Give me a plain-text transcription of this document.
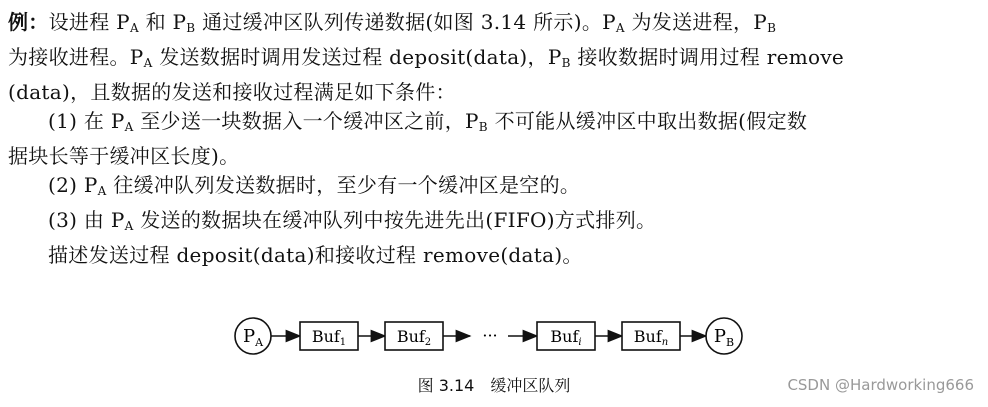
例：设进程 $P_A$ 和 $P_B$ 通过缓冲区队列传递数据(如图 3.14 所示)。$P_A$ 为发送进程，$P_B$
为接收进程。$P_A$ 发送数据时调用发送过程 deposit(data)，$P_B$ 接收数据时调用过程 remove
(data)，且数据的发送和接收过程满足如下条件：
(1) 在 $P_A$ 至少送一块数据入一个缓冲区之前，$P_B$ 不可能从缓冲区中取出数据(假定数
据块长等于缓冲区长度)。
(2) $P_A$ 往缓冲队列发送数据时，至少有一个缓冲区是空的。
(3) 由 $P_A$ 发送的数据块在缓冲队列中按先进先出(FIFO)方式排列。
描述发送过程 deposit(data)和接收过程 remove(data)。
$P_A$	Buf1	Buf2	···	Bufi	Bufn	$P_B$
图 3.14　缓冲区队列	CSDN @Hardworking666
